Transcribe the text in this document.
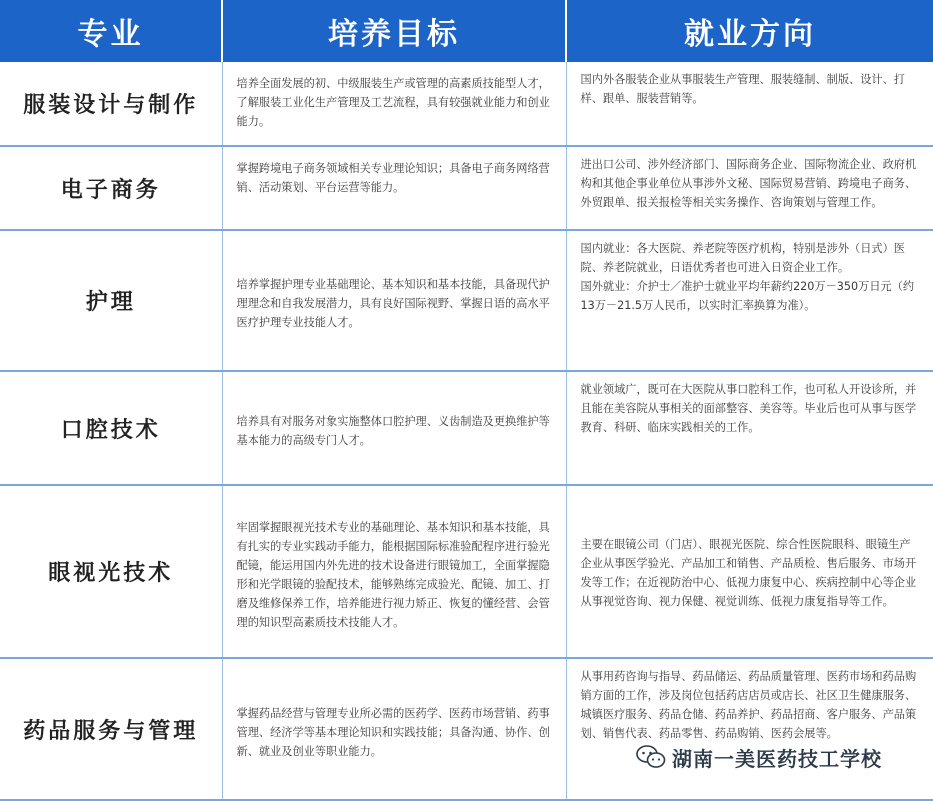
专业	培养目标	就业方向
服装设计与制作	培养全面发展的初、中级服装生产或管理的高素质技能型人才，了解服装工业化生产管理及工艺流程，具有较强就业能力和创业能力。	国内外各服装企业从事服装生产管理、服装缝制、制版、设计、打样、跟单、服装营销等。
电子商务	掌握跨境电子商务领域相关专业理论知识；具备电子商务网络营销、活动策划、平台运营等能力。	进出口公司、涉外经济部门、国际商务企业、国际物流企业、政府机构和其他企事业单位从事涉外文秘、国际贸易营销、跨境电子商务、外贸跟单、报关报检等相关实务操作、咨询策划与管理工作。
护理	培养掌握护理专业基础理论、基本知识和基本技能，具备现代护理理念和自我发展潜力，具有良好国际视野、掌握日语的高水平医疗护理专业技能人才。	国内就业：各大医院、养老院等医疗机构，特别是涉外（日式）医院、养老院就业，日语优秀者也可进入日资企业工作。
国外就业：介护士／准护士就业平均年薪约220万－350万日元（约13万－21.5万人民币，以实时汇率换算为准）。

口腔技术	培养具有对服务对象实施整体口腔护理、义齿制造及更换维护等基本能力的高级专门人才。	就业领域广，既可在大医院从事口腔科工作，也可私人开设诊所，并且能在美容院从事相关的面部整容、美容等。毕业后也可从事与医学教育、科研、临床实践相关的工作。
眼视光技术	牢固掌握眼视光技术专业的基础理论、基本知识和基本技能，具有扎实的专业实践动手能力，能根据国际标准验配程序进行验光配镜，能运用国内外先进的技术设备进行眼镜加工，全面掌握隐形和光学眼镜的验配技术，能够熟练完成验光、配镜、加工、打磨及维修保养工作，培养能进行视力矫正、恢复的懂经营、会管理的知识型高素质技术技能人才。	主要在眼镜公司（门店）、眼视光医院、综合性医院眼科、眼镜生产企业从事医学验光、产品加工和销售、产品质检、售后服务、市场开发等工作；在近视防治中心、低视力康复中心、疾病控制中心等企业从事视觉咨询、视力保健、视觉训练、低视力康复指导等工作。
药品服务与管理	掌握药品经营与管理专业所必需的医药学、医药市场营销、药事管理、经济学等基本理论知识和实践技能；具备沟通、协作、创新、就业及创业等职业能力。	从事用药咨询与指导、药品储运、药品质量管理、医药市场和药品购销方面的工作，涉及岗位包括药店店员或店长、社区卫生健康服务、城镇医疗服务、药品仓储、药品养护、药品招商、客户服务、产品策划、销售代表、药品零售、药品购销、医药会展等。
湖南一美医药技工学校
